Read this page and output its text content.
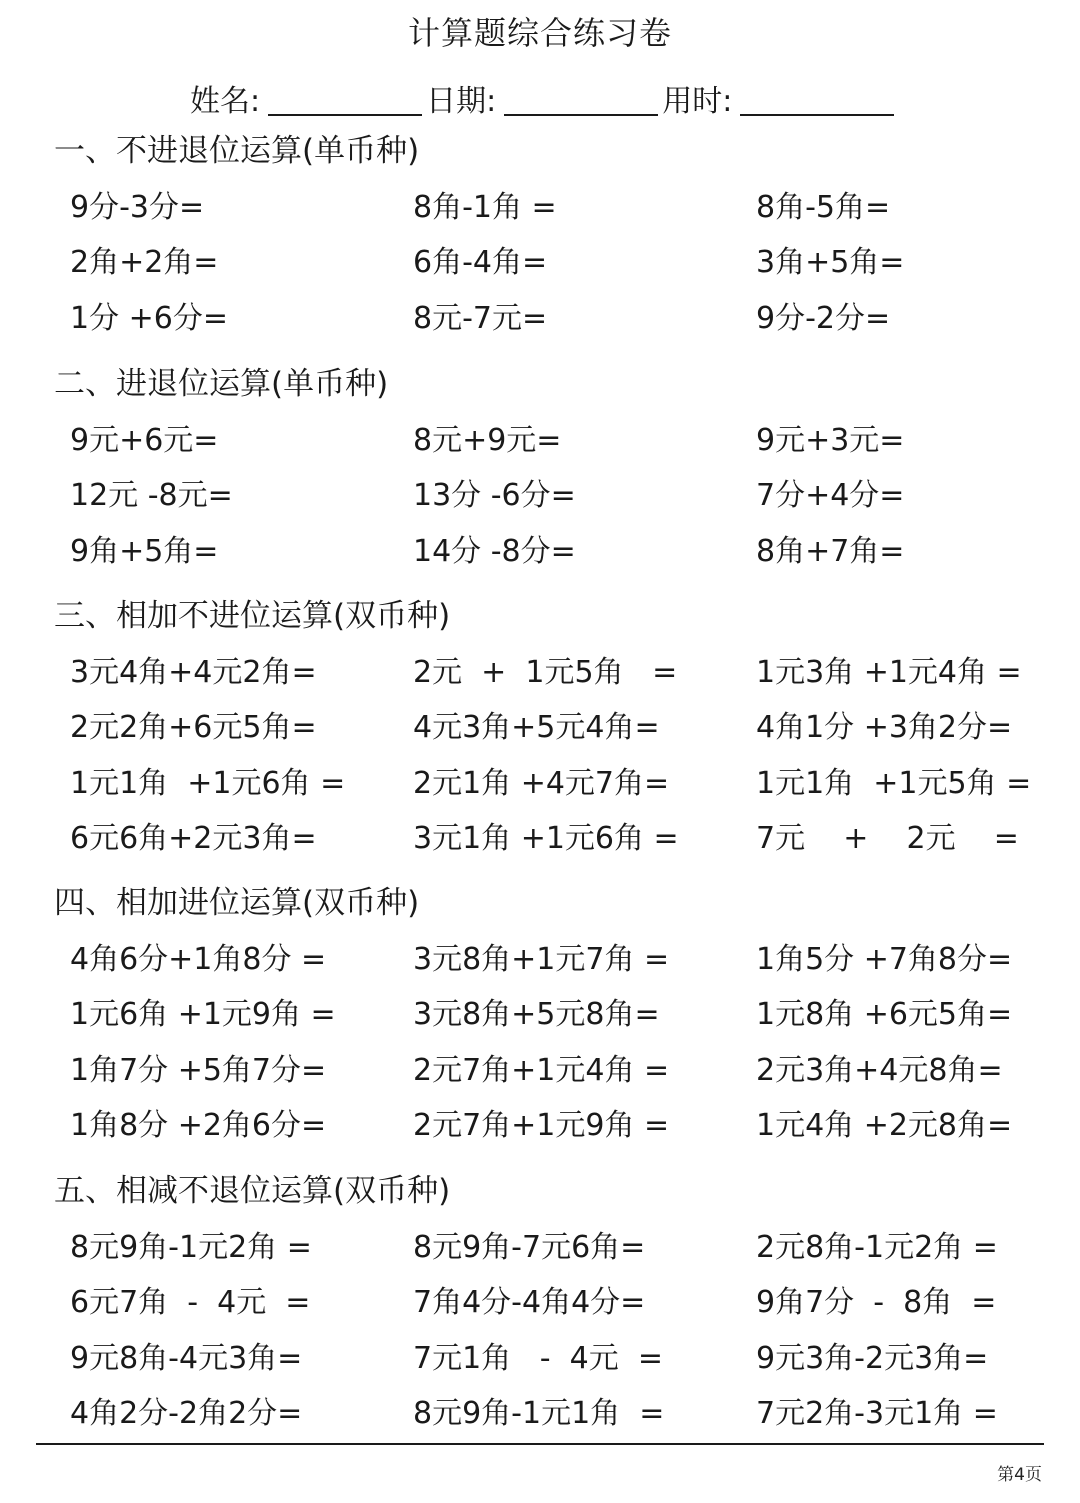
计算题综合练习卷
姓名:	日期:	用时:
一、不进退位运算(单币种)
9分-3分=	8角-1角 =	8角-5角=
2角+2角=	6角-4角=	3角+5角=
1分 +6分=	8元-7元=	9分-2分=
二、进退位运算(单币种)
9元+6元=	8元+9元=	9元+3元=
12元 -8元=	13分 -6分=	7分+4分=
9角+5角=	14分 -8分=	8角+7角=
三、相加不进位运算(双币种)
3元4角+4元2角=	2元  +  1元5角   =	1元3角 +1元4角 =
2元2角+6元5角=	4元3角+5元4角=	4角1分 +3角2分=
1元1角  +1元6角 =	2元1角 +4元7角=	1元1角  +1元5角 =
6元6角+2元3角=	3元1角 +1元6角 =	7元    +    2元    =
四、相加进位运算(双币种)
4角6分+1角8分 =	3元8角+1元7角 =	1角5分 +7角8分=
1元6角 +1元9角 =	3元8角+5元8角=	1元8角 +6元5角=
1角7分 +5角7分=	2元7角+1元4角 =	2元3角+4元8角=
1角8分 +2角6分=	2元7角+1元9角 =	1元4角 +2元8角=
五、相减不退位运算(双币种)
8元9角-1元2角 =	8元9角-7元6角=	2元8角-1元2角 =
6元7角  -  4元  =	7角4分-4角4分=	9角7分  -  8角  =
9元8角-4元3角=	7元1角   -  4元  =	9元3角-2元3角=
4角2分-2角2分=	8元9角-1元1角  =	7元2角-3元1角 =
第4页
